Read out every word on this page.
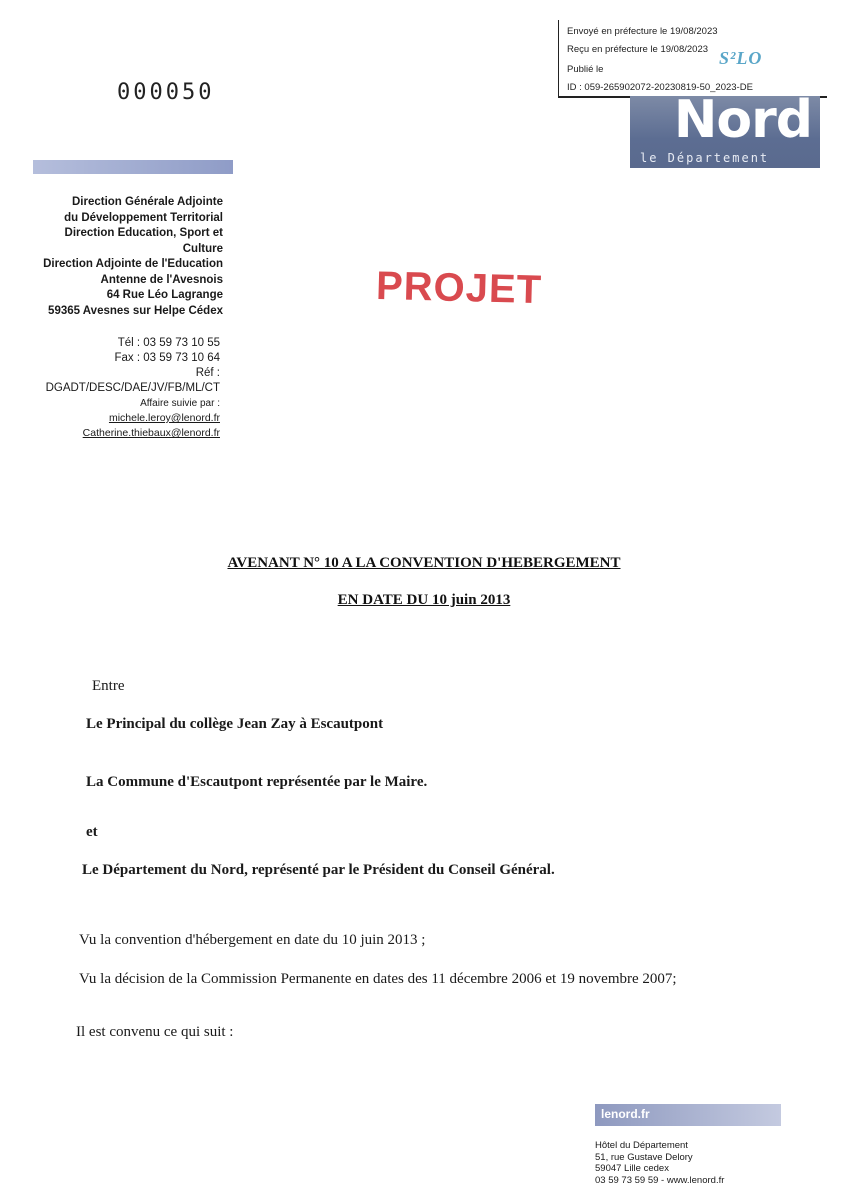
Envoyé en préfecture le 19/08/2023
Reçu en préfecture le 19/08/2023
Publié le
ID : 059-265902072-20230819-50_2023-DE
S²LO
Nord
le Département
000050
Direction Générale Adjointe
du Développement Territorial
Direction Education, Sport et
Culture
Direction Adjointe de l'Education
Antenne de l'Avesnois
64 Rue Léo Lagrange
59365 Avesnes sur Helpe Cédex
Tél : 03 59 73 10 55
Fax : 03 59 73 10 64
Réf :
DGADT/DESC/DAE/JV/FB/ML/CT
Affaire suivie par :
michele.leroy@lenord.fr
Catherine.thiebaux@lenord.fr
PROJET
AVENANT N° 10 A LA CONVENTION D'HEBERGEMENT
EN DATE DU 10 juin 2013
Entre
Le Principal du collège Jean Zay à Escautpont
La Commune d'Escautpont représentée par le Maire.
et
Le Département du Nord, représenté par le Président du Conseil Général.
Vu la convention d'hébergement en date du 10 juin 2013 ;
Vu la décision de la Commission Permanente en dates des 11 décembre 2006 et 19 novembre 2007;
Il est convenu ce qui suit :
lenord.fr
Hôtel du Département
51, rue Gustave Delory
59047 Lille cedex
03 59 73 59 59 - www.lenord.fr
